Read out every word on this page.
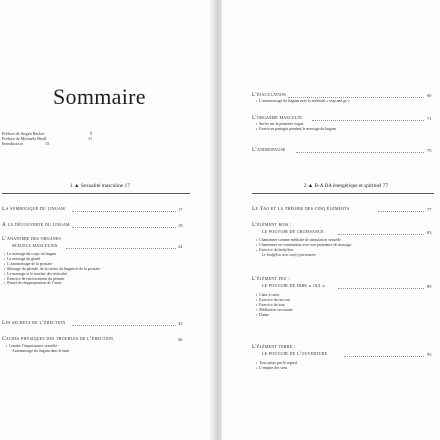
Sommaire
Préface de Jürgen Becker	9
Préface de Michaela Riedl	11
Introduction	15
1 ▲ Sexualité masculine 17
La symbolique du lingam	17
À la découverte du lingam	19
L’anatomie des organes
sexuels masculins	24
▪ Le massage du corps du lingam
▪ Le massage du gland
▪ L’automassage de la prostate
▪ Massage du périnée, de la racine du lingam et de la prostate
▪ Le massage et le toucher des testicules
▪ Exercice de renforcement du périnée
▪ Rituel de réappropriation de l’anus
Les secrets de l’érection	33
Causes physiques des troubles de l’érection	36
▪ Limiter l’impuissance sexuelle :
Automassage du lingam dans le bain
L’éjaculation	60
▪ L’automassage du lingam avec la méthode « stop and go »
L’orgasme masculin	71
▪ Surfer sur la première vague
▪ Exercices partagés pendant le massage du lingam
L’andropause	75
2 ▲ B-A BA énergétique et spirituel 77
Le Tao et la théorie des cinq éléments	77
L’élément bois :
le pouvoir de croissance	83
▪ Chantonner comme méthode de stimulation sexuelle
▪ Chantonner en communion avec son partenaire de massage
▪ Exercice du bodyflow
Le bodyflow avec un(e) partenaire
L’élément feu :
le pouvoir de dire « oui »	89
▪ Cœur à cœur
▪ Exercice du oui-oui
▪ Exercice du tout
▪ Méditation secouante
▪ Danse
L’élément terre :
le pouvoir de l’ouverture	95
▪ Tous passe par le regard
▪ L’empire des sens
